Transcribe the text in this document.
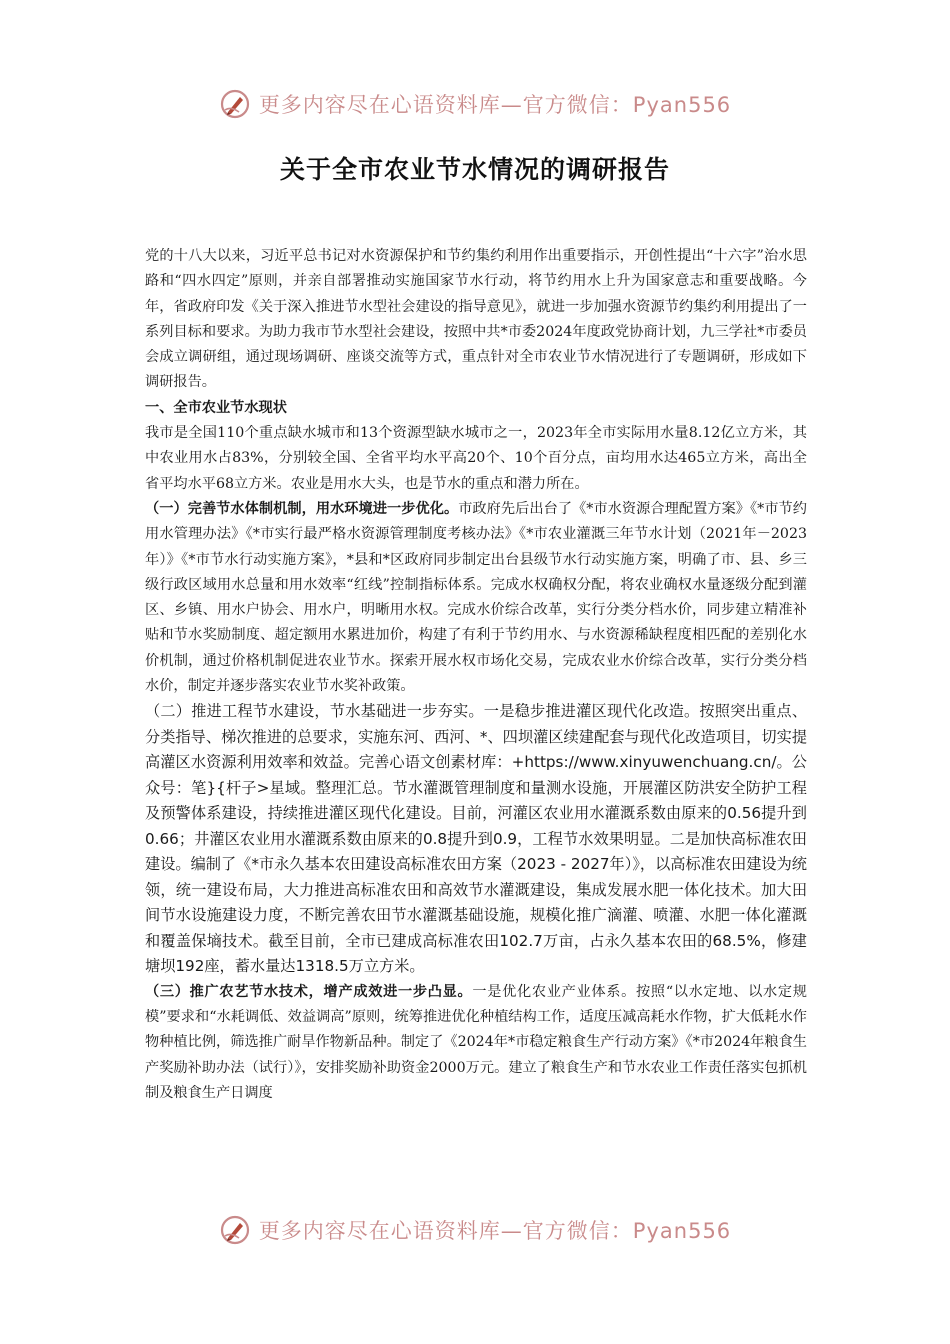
更多内容尽在心语资料库—官方微信：Pyan556
关于全市农业节水情况的调研报告

党的十八大以来，习近平总书记对水资源保护和节约集约利用作出重要指示，开创性提出“十六字”治水思路和“四水四定”原则，并亲自部署推动实施国家节水行动，将节约用水上升为国家意志和重要战略。今年，省政府印发《关于深入推进节水型社会建设的指导意见》，就进一步加强水资源节约集约利用提出了一系列目标和要求。为助力我市节水型社会建设，按照中共*市委2024年度政党协商计划，九三学社*市委员会成立调研组，通过现场调研、座谈交流等方式，重点针对全市农业节水情况进行了专题调研，形成如下调研报告。

一、全市农业节水现状

我市是全国110个重点缺水城市和13个资源型缺水城市之一，2023年全市实际用水量8.12亿立方米，其中农业用水占83%，分别较全国、全省平均水平高20个、10个百分点，亩均用水达465立方米，高出全省平均水平68立方米。农业是用水大头，也是节水的重点和潜力所在。

（一）完善节水体制机制，用水环境进一步优化。市政府先后出台了《*市水资源合理配置方案》《*市节约用水管理办法》《*市实行最严格水资源管理制度考核办法》《*市农业灌溉三年节水计划（2021年－2023年）》《*市节水行动实施方案》，*县和*区政府同步制定出台县级节水行动实施方案，明确了市、县、乡三级行政区域用水总量和用水效率“红线”控制指标体系。完成水权确权分配，将农业确权水量逐级分配到灌区、乡镇、用水户协会、用水户，明晰用水权。完成水价综合改革，实行分类分档水价，同步建立精准补贴和节水奖励制度、超定额用水累进加价，构建了有利于节约用水、与水资源稀缺程度相匹配的差别化水价机制，通过价格机制促进农业节水。探索开展水权市场化交易，完成农业水价综合改革，实行分类分档水价，制定并逐步落实农业节水奖补政策。

（二）推进工程节水建设，节水基础进一步夯实。一是稳步推进灌区现代化改造。按照突出重点、分类指导、梯次推进的总要求，实施东河、西河、*、四坝灌区续建配套与现代化改造项目，切实提高灌区水资源利用效率和效益。完善心语文创素材库：+https://www.xinyuwenchuang.cn/。公众号：笔}{杆子>星域。整理汇总。节水灌溉管理制度和量测水设施，开展灌区防洪安全防护工程及预警体系建设，持续推进灌区现代化建设。目前，河灌区农业用水灌溉系数由原来的0.56提升到0.66；井灌区农业用水灌溉系数由原来的0.8提升到0.9，工程节水效果明显。二是加快高标准农田建设。编制了《*市永久基本农田建设高标准农田方案（2023 - 2027年）》，以高标准农田建设为统领，统一建设布局，大力推进高标准农田和高效节水灌溉建设，集成发展水肥一体化技术。加大田间节水设施建设力度，不断完善农田节水灌溉基础设施，规模化推广滴灌、喷灌、水肥一体化灌溉和覆盖保墒技术。截至目前，全市已建成高标准农田102.7万亩，占永久基本农田的68.5%，修建塘坝192座，蓄水量达1318.5万立方米。

（三）推广农艺节水技术，增产成效进一步凸显。一是优化农业产业体系。按照“以水定地、以水定规模”要求和“水耗调低、效益调高”原则，统筹推进优化种植结构工作，适度压减高耗水作物，扩大低耗水作物种植比例，筛选推广耐旱作物新品种。制定了《2024年*市稳定粮食生产行动方案》《*市2024年粮食生产奖励补助办法（试行）》，安排奖励补助资金2000万元。建立了粮食生产和节水农业工作责任落实包抓机制及粮食生产日调度

更多内容尽在心语资料库—官方微信：Pyan556
